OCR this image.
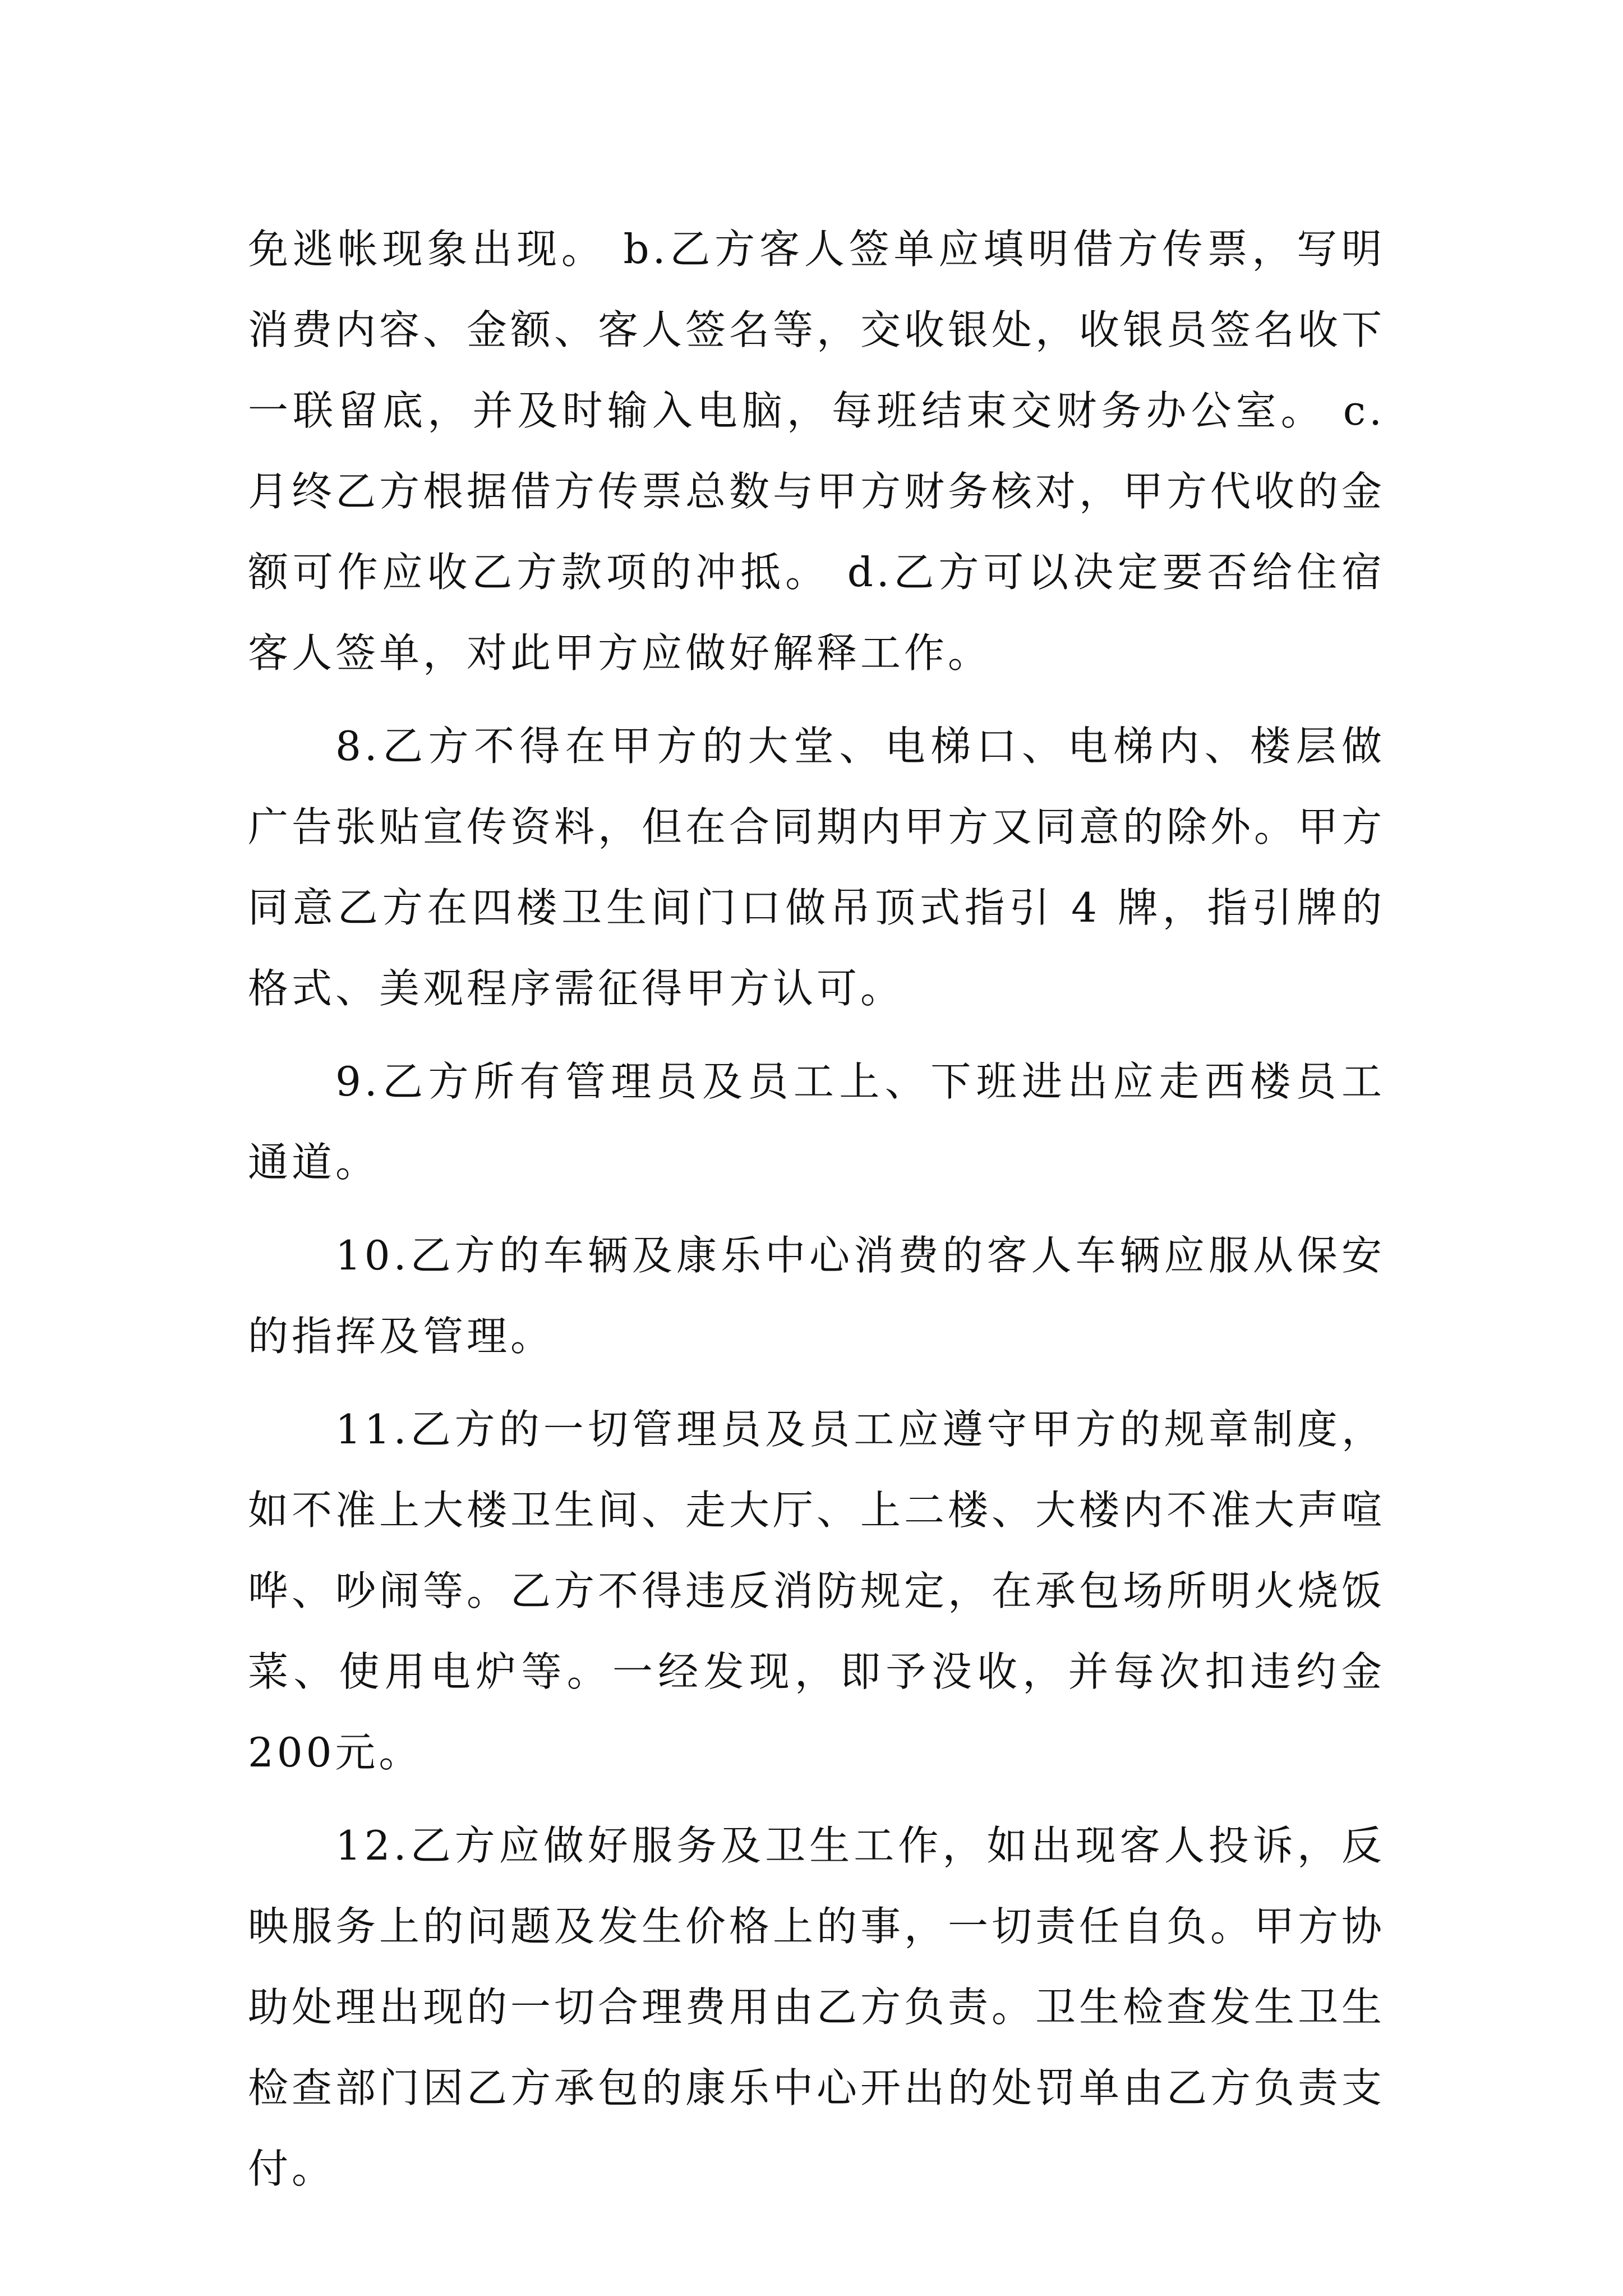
免逃帐现象出现。 b.乙方客人签单应填明借方传票，写明消费内容、金额、客人签名等，交收银处，收银员签名收下一联留底，并及时输入电脑，每班结束交财务办公室。 c.月终乙方根据借方传票总数与甲方财务核对，甲方代收的金额可作应收乙方款项的冲抵。 d.乙方可以决定要否给住宿客人签单，对此甲方应做好解释工作。

8.乙方不得在甲方的大堂、电梯口、电梯内、楼层做广告张贴宣传资料，但在合同期内甲方又同意的除外。甲方同意乙方在四楼卫生间门口做吊顶式指引 4 牌，指引牌的格式、美观程序需征得甲方认可。

9.乙方所有管理员及员工上、下班进出应走西楼员工通道。

10.乙方的车辆及康乐中心消费的客人车辆应服从保安的指挥及管理。

11.乙方的一切管理员及员工应遵守甲方的规章制度，如不准上大楼卫生间、走大厅、上二楼、大楼内不准大声喧哗、吵闹等。乙方不得违反消防规定，在承包场所明火烧饭菜、使用电炉等。一经发现，即予没收，并每次扣违约金 200元。

12.乙方应做好服务及卫生工作，如出现客人投诉，反映服务上的问题及发生价格上的事，一切责任自负。甲方协助处理出现的一切合理费用由乙方负责。卫生检查发生卫生检查部门因乙方承包的康乐中心开出的处罚单由乙方负责支付。
